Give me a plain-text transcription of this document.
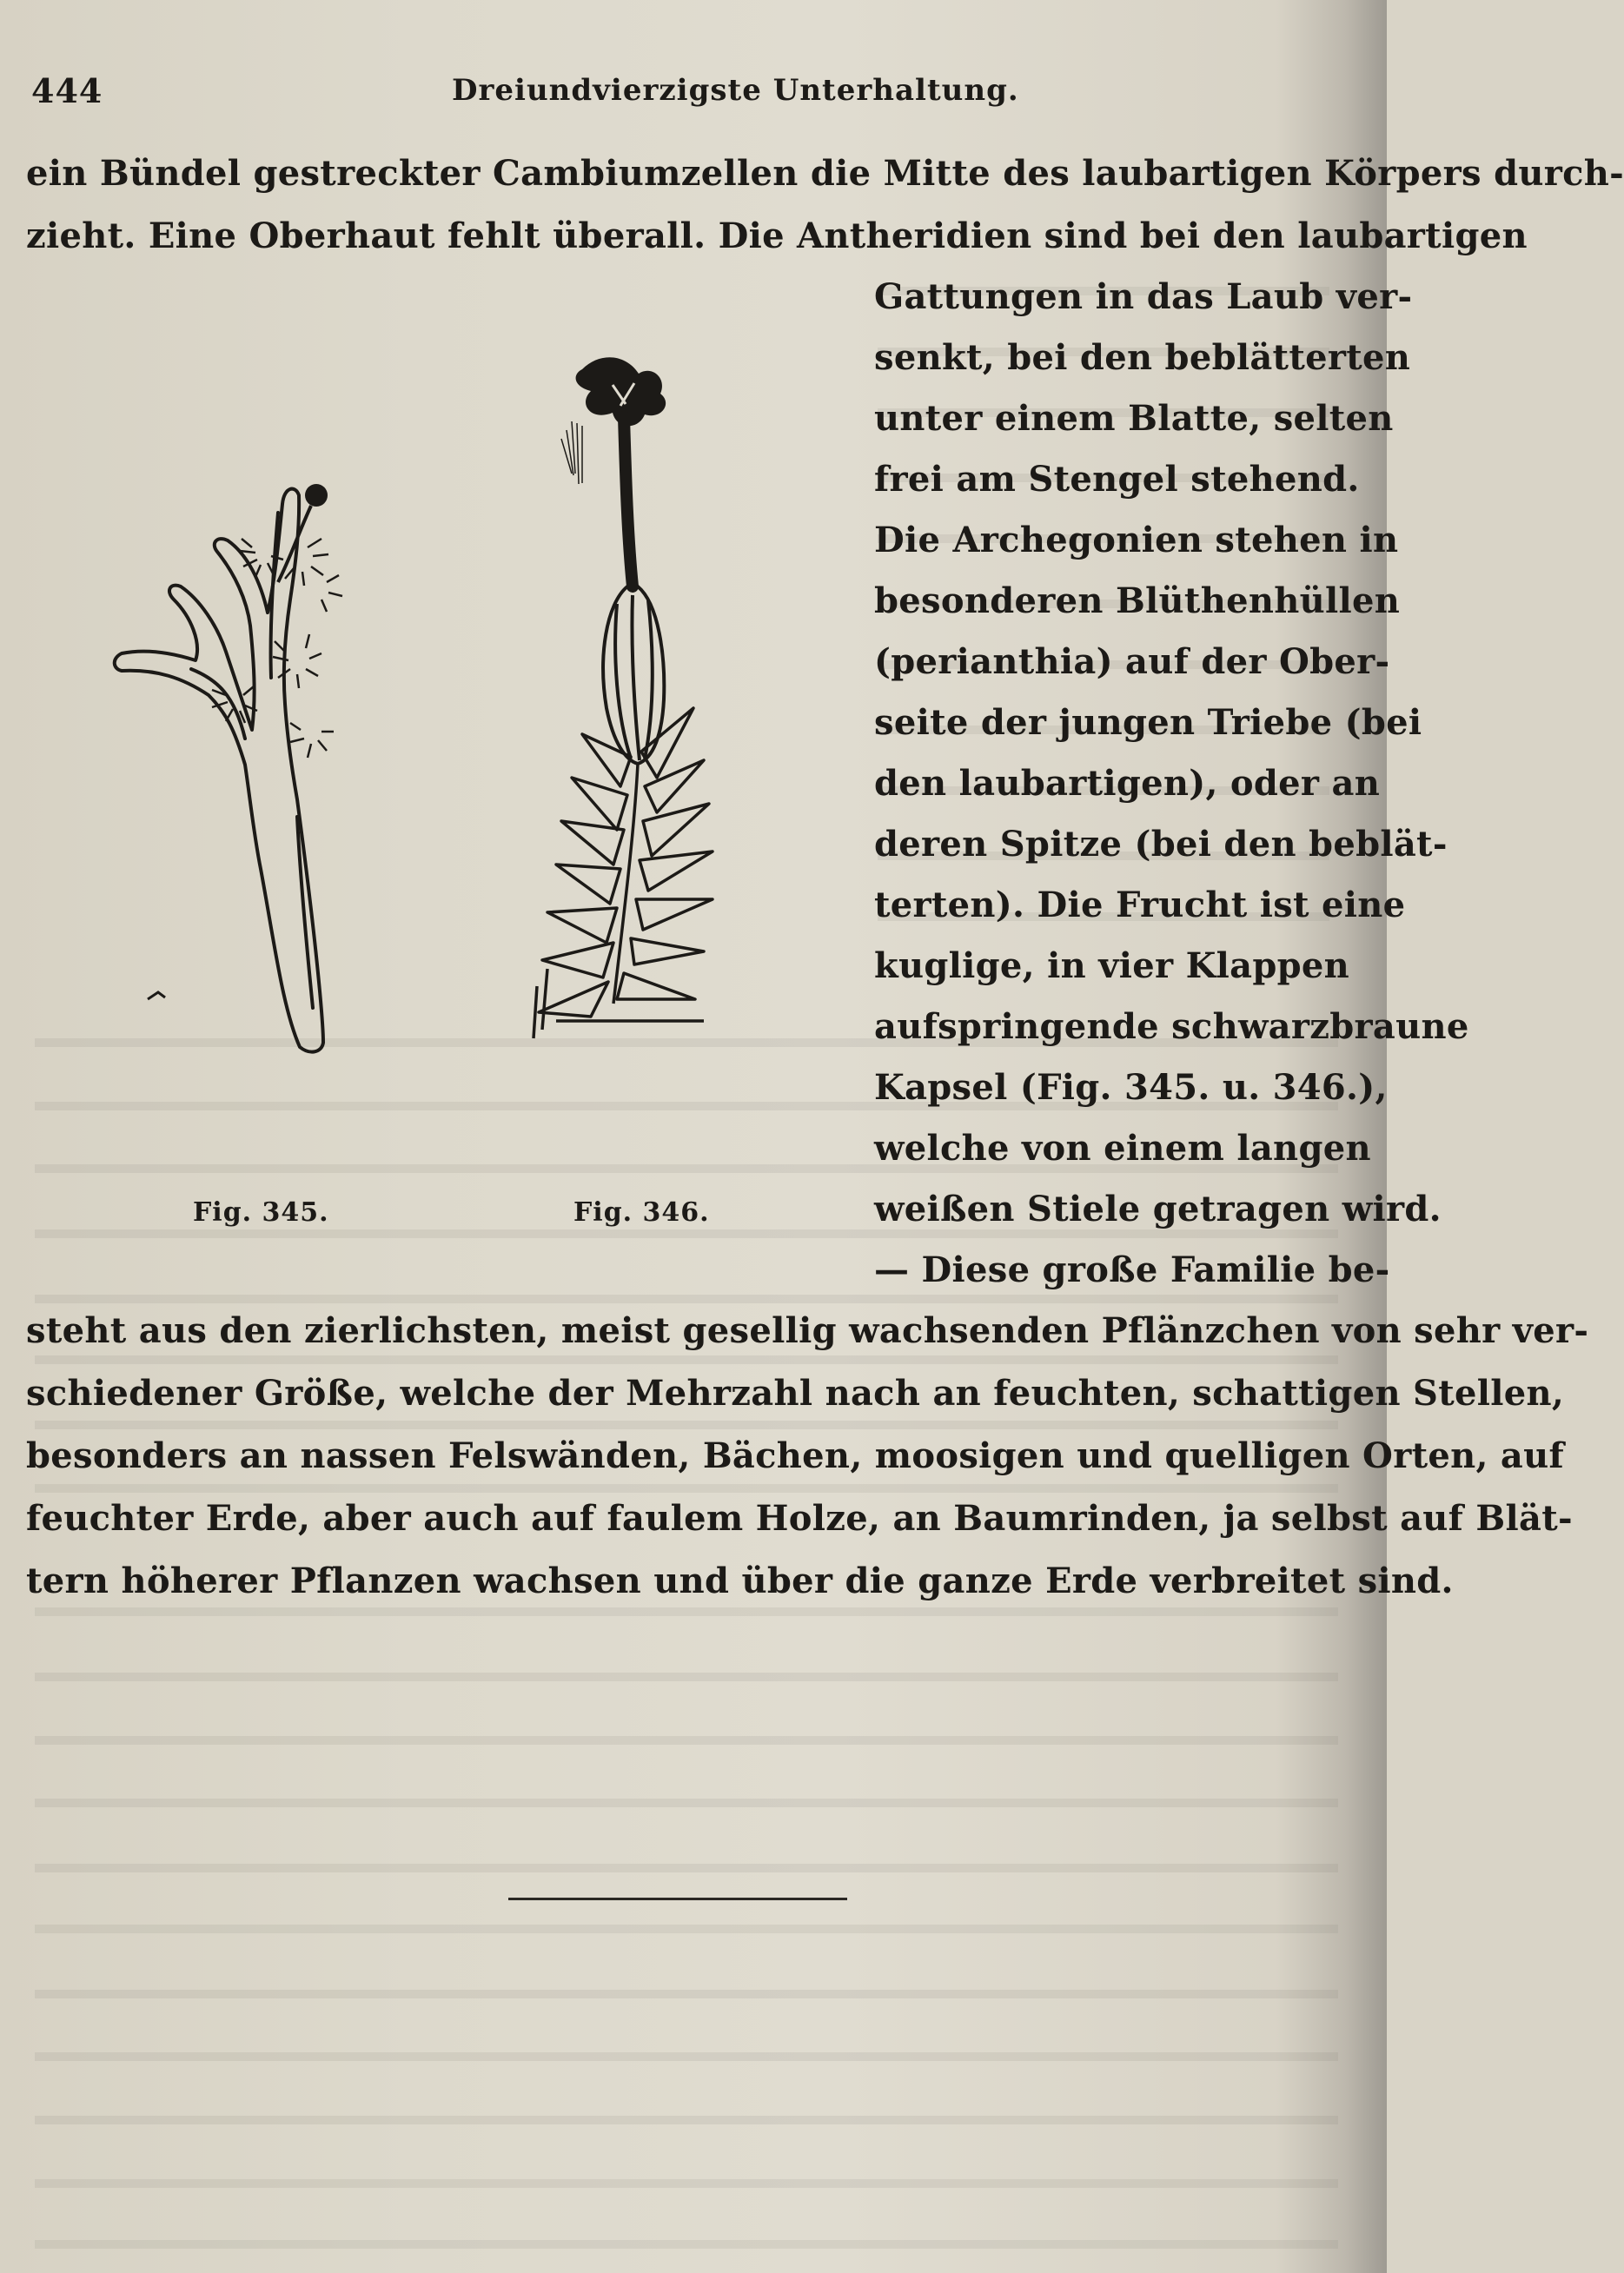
444	Dreiundvierzigste Unterhaltung.
ein Bündel gestreckter Cambiumzellen die Mitte des laubartigen Körpers durch-
zieht. Eine Oberhaut fehlt überall. Die Antheridien sind bei den laubartigen
Gattungen in das Laub ver-
senkt, bei den beblätterten
unter einem Blatte, selten
frei am Stengel stehend.
Die Archegonien stehen in
besonderen Blüthenhüllen
(perianthia) auf der Ober-
seite der jungen Triebe (bei
den laubartigen), oder an
deren Spitze (bei den beblät-
terten). Die Frucht ist eine
kuglige, in vier Klappen
aufspringende schwarzbraune
Kapsel (Fig. 345. u. 346.),
welche von einem langen
weißen Stiele getragen wird.
— Diese große Familie be-
steht aus den zierlichsten, meist gesellig wachsenden Pflänzchen von sehr ver-
schiedener Größe, welche der Mehrzahl nach an feuchten, schattigen Stellen,
besonders an nassen Felswänden, Bächen, moosigen und quelligen Orten, auf
feuchter Erde, aber auch auf faulem Holze, an Baumrinden, ja selbst auf Blät-
tern höherer Pflanzen wachsen und über die ganze Erde verbreitet sind.
Fig. 345.	Fig. 346.
